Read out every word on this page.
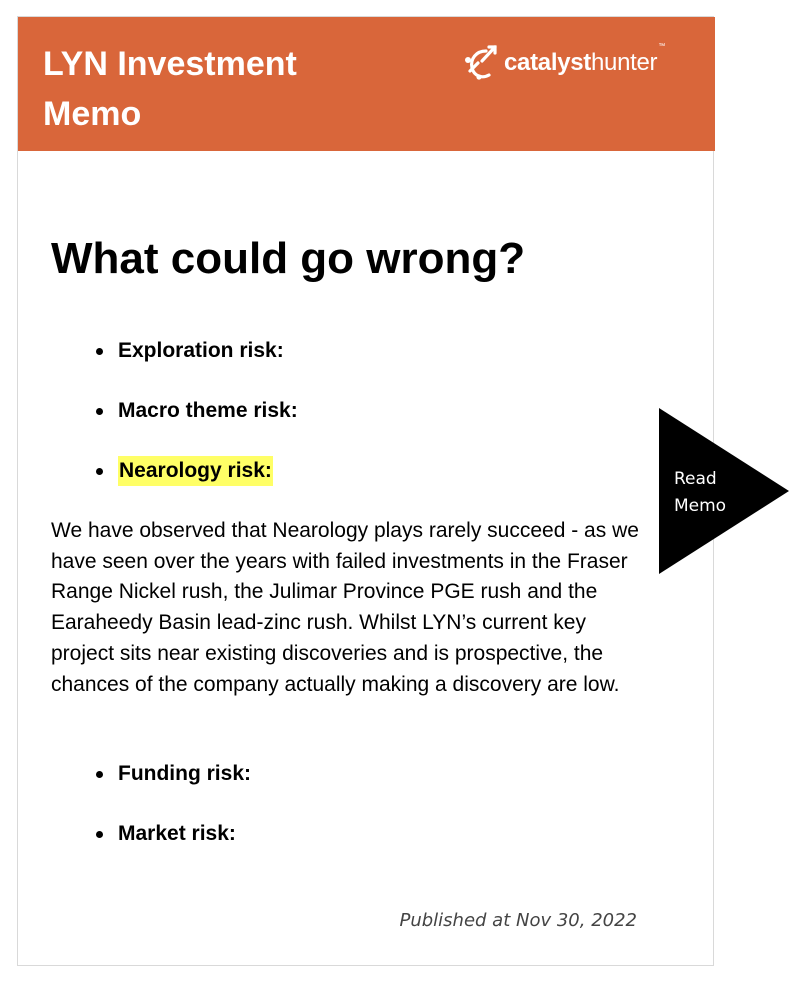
LYN Investment Memo
catalysthunter™
What could go wrong?
Exploration risk:
Macro theme risk:
Nearology risk:

We have observed that Nearology plays rarely succeed - as we have seen over the years with failed investments in the Fraser Range Nickel rush, the Julimar Province PGE rush and the Earaheedy Basin lead-zinc rush. Whilst LYN’s current key project sits near existing discoveries and is prospective, the chances of the company actually making a discovery are low.

Funding risk:
Market risk:
Published at Nov 30, 2022
Read Memo
